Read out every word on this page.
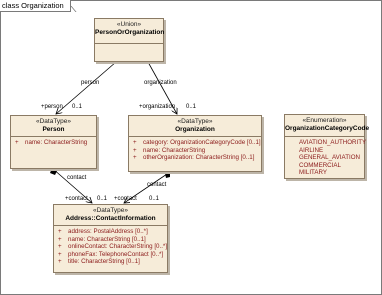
class Organization
«Union»
PersonOrOrganization
«DataType»
Person
+ name: CharacterString
«DataType»
Organization
+ category: OrganizationCategoryCode [0..1]
+ name: CharacterString
+ otherOrganization: CharacterString [0..1]
«Enumeration»
OrganizationCategoryCode
AVIATION_AUTHORITY
AIRLINE
GENERAL_AVIATION
COMMERCIAL
MILITARY
«DataType»
Address::ContactInformation
+ address: PostalAddress [0..*]
+ name: CharacterString [0..1]
+ onlineContact: CharacterString [0..*]
+ phoneFax: TelephoneContact [0..*]
+ title: CharacterString [0..1]
person	organization
+person 0..1	+organization 0..1
contact
contact
+contact 0..1 +contact 0..1
